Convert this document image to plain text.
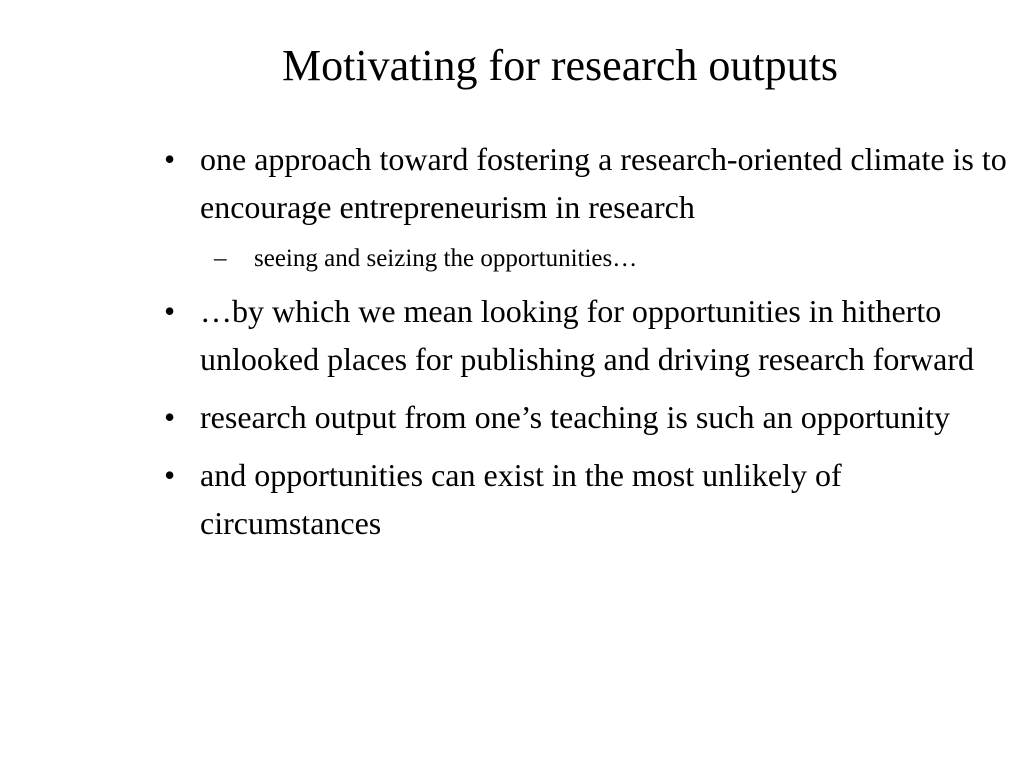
Motivating for research outputs
• one approach toward fostering a research-oriented climate is to encourage entrepreneurism in research
– seeing and seizing the opportunities…
• …by which we mean looking for opportunities in hitherto unlooked places for publishing and driving research forward
• research output from one’s teaching is such an opportunity
• and opportunities can exist in the most unlikely of circumstances
